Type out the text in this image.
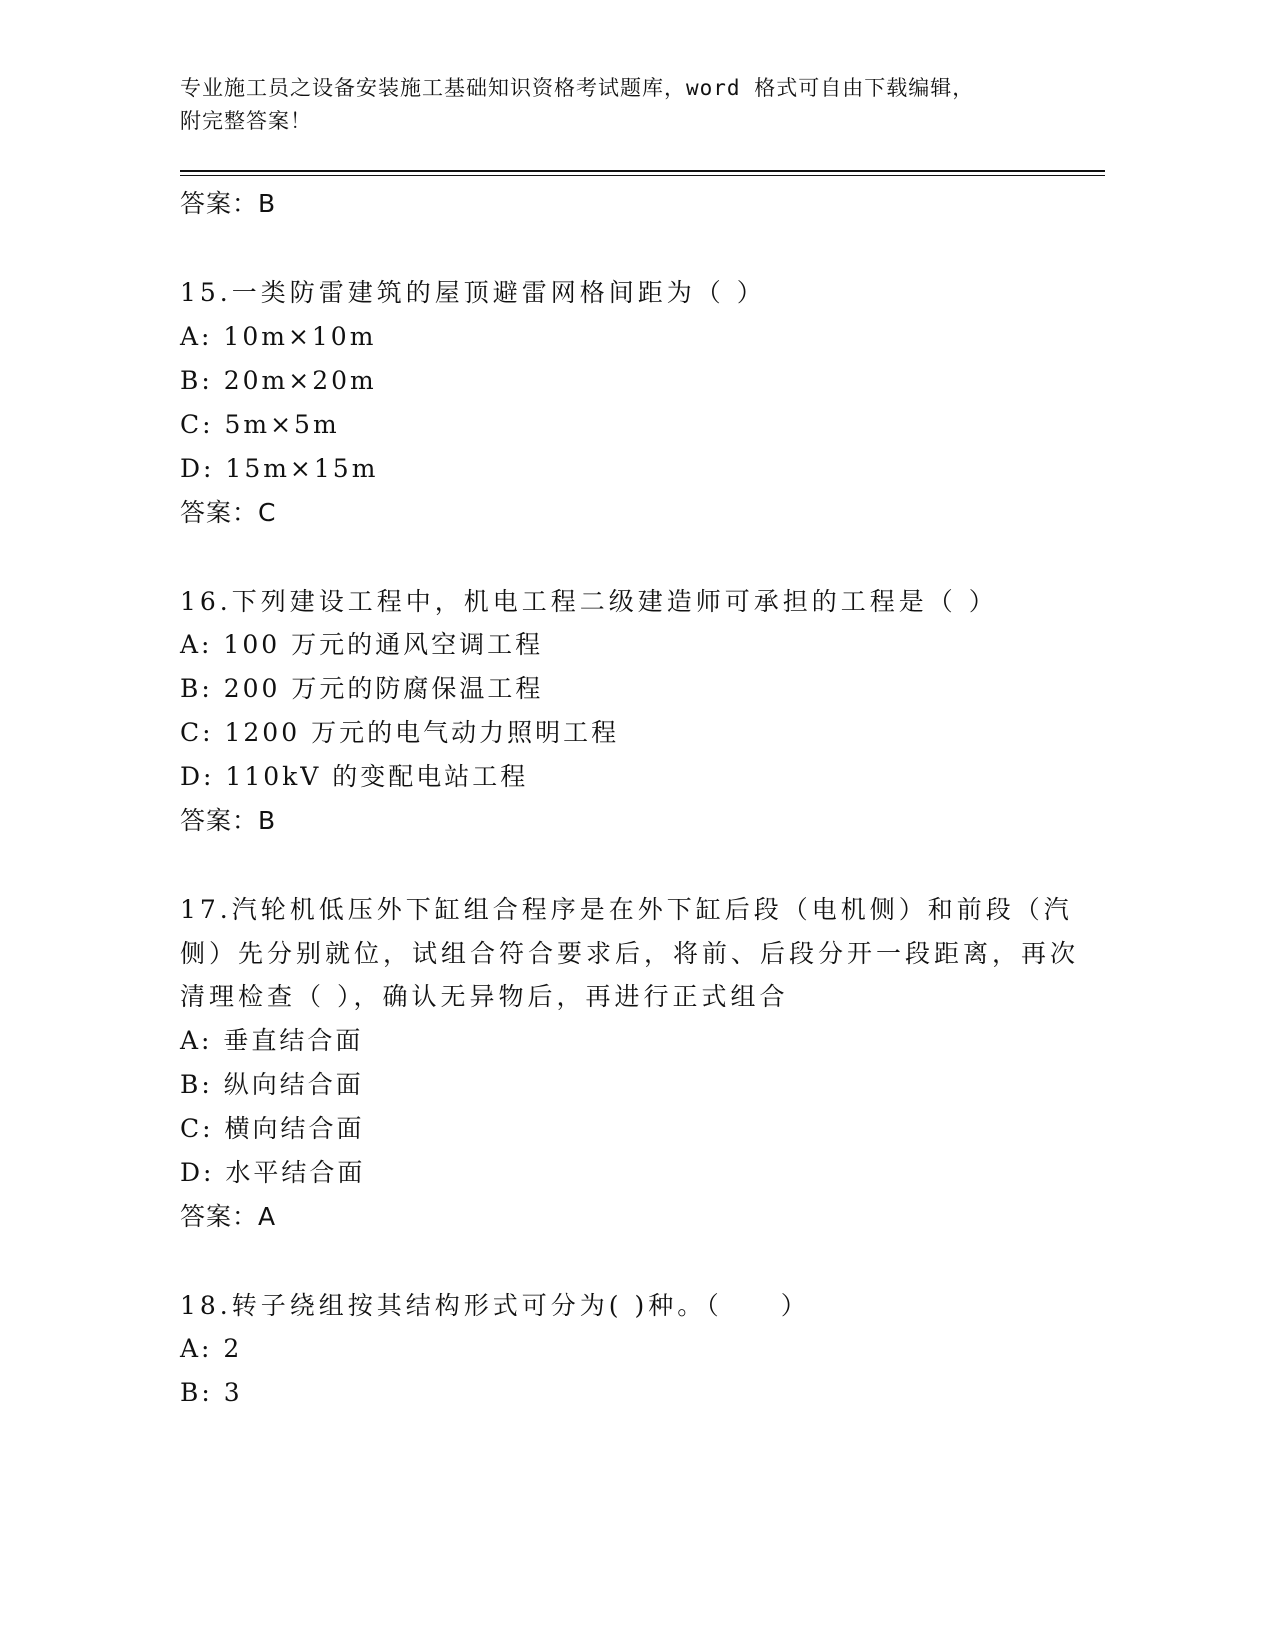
专业施工员之设备安装施工基础知识资格考试题库，word 格式可自由下载编辑，
附完整答案！
答案：B
15.一类防雷建筑的屋顶避雷网格间距为（ ）
A: 10m×10m
B: 20m×20m
C: 5m×5m
D: 15m×15m
答案：C
16.下列建设工程中，机电工程二级建造师可承担的工程是（ ）
A: 100 万元的通风空调工程
B: 200 万元的防腐保温工程
C: 1200 万元的电气动力照明工程
D: 110kV 的变配电站工程
答案：B
17.汽轮机低压外下缸组合程序是在外下缸后段（电机侧）和前段（汽侧）先分别就位，试组合符合要求后，将前、后段分开一段距离，再次清理检查（ ），确认无异物后，再进行正式组合
A: 垂直结合面
B: 纵向结合面
C: 横向结合面
D: 水平结合面
答案：A
18.转子绕组按其结构形式可分为( )种。（　　）
A: 2
B: 3
